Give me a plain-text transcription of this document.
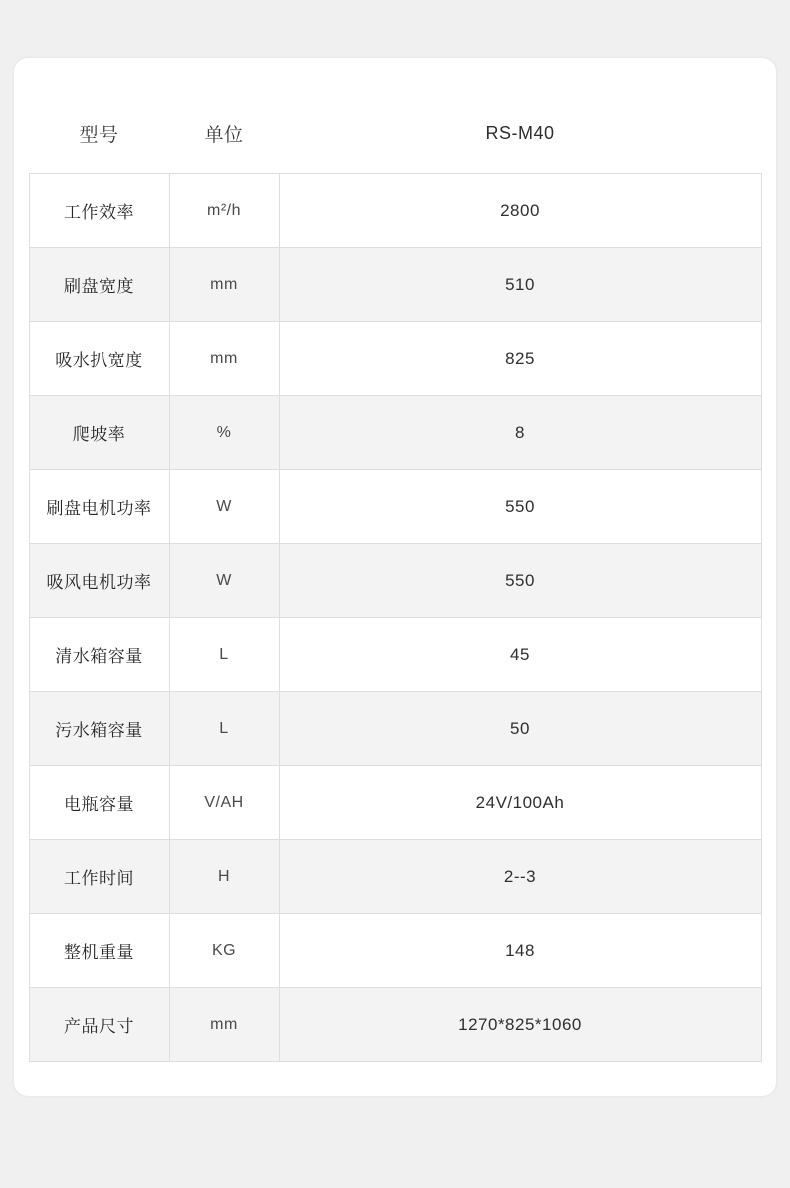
型号	单位	RS-M40
工作效率	m²/h	2800
刷盘宽度	mm	510
吸水扒宽度	mm	825
爬坡率	%	8
刷盘电机功率	W	550
吸风电机功率	W	550
清水箱容量	L	45
污水箱容量	L	50
电瓶容量	V/AH	24V/100Ah
工作时间	H	2--3
整机重量	KG	148
产品尺寸	mm	1270*825*1060
